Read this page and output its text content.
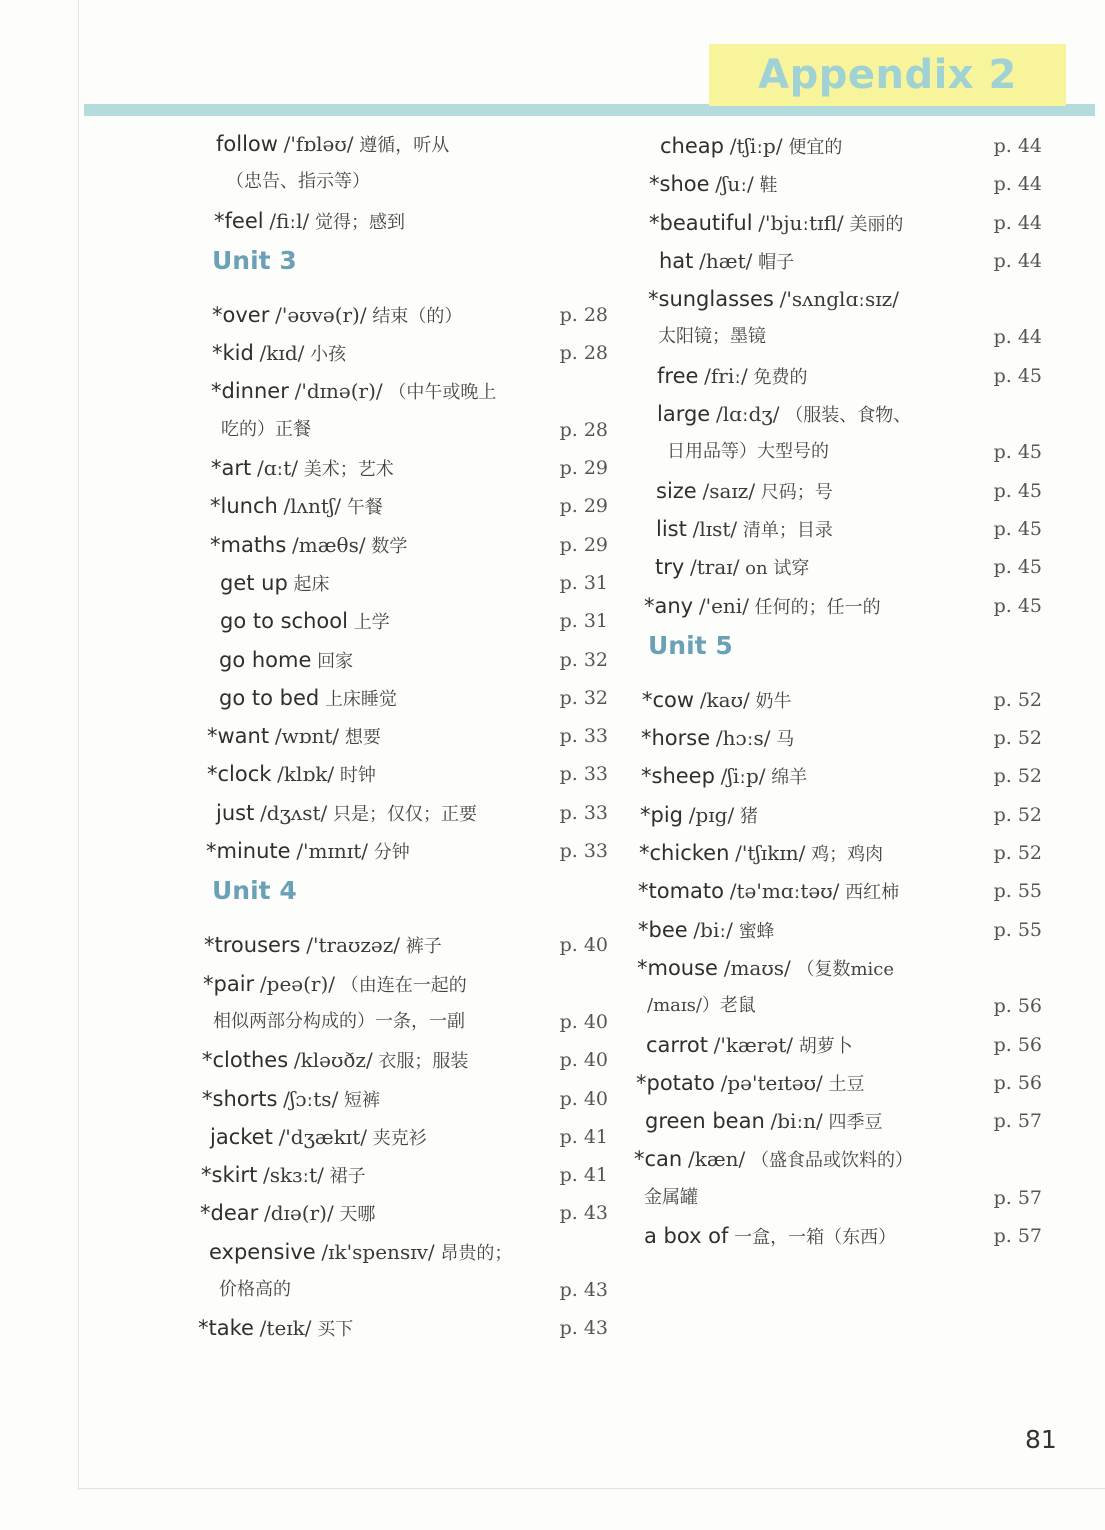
Appendix 2
follow /'fɒləʊ/ 遵循，听从
（忠告、指示等）
*feel /fiːl/ 觉得；感到
Unit 3
*over /'əʊvə(r)/ 结束（的）	p. 28
*kid /kɪd/ 小孩	p. 28
*dinner /'dɪnə(r)/ （中午或晚上
吃的）正餐	p. 28
*art /ɑːt/ 美术；艺术	p. 29
*lunch /lʌntʃ/ 午餐	p. 29
*maths /mæθs/ 数学	p. 29
get up 起床	p. 31
go to school 上学	p. 31
go home 回家	p. 32
go to bed 上床睡觉	p. 32
*want /wɒnt/ 想要	p. 33
*clock /klɒk/ 时钟	p. 33
just /dʒʌst/ 只是；仅仅；正要	p. 33
*minute /'mɪnɪt/ 分钟	p. 33
Unit 4
*trousers /'traʊzəz/ 裤子	p. 40
*pair /peə(r)/ （由连在一起的
相似两部分构成的）一条，一副	p. 40
*clothes /kləʊðz/ 衣服；服装	p. 40
*shorts /ʃɔːts/ 短裤	p. 40
jacket /'dʒækɪt/ 夹克衫	p. 41
*skirt /skɜːt/ 裙子	p. 41
*dear /dɪə(r)/ 天哪	p. 43
expensive /ɪk'spensɪv/ 昂贵的；
价格高的	p. 43
*take /teɪk/ 买下	p. 43
cheap /tʃiːp/ 便宜的	p. 44
*shoe /ʃuː/ 鞋	p. 44
*beautiful /'bjuːtɪfl/ 美丽的	p. 44
hat /hæt/ 帽子	p. 44
*sunglasses /'sʌnglɑːsɪz/
太阳镜；墨镜	p. 44
free /friː/ 免费的	p. 45
large /lɑːdʒ/ （服装、食物、
日用品等）大型号的	p. 45
size /saɪz/ 尺码；号	p. 45
list /lɪst/ 清单；目录	p. 45
try /traɪ/ on 试穿	p. 45
*any /'eni/ 任何的；任一的	p. 45
Unit 5
*cow /kaʊ/ 奶牛	p. 52
*horse /hɔːs/ 马	p. 52
*sheep /ʃiːp/ 绵羊	p. 52
*pig /pɪg/ 猪	p. 52
*chicken /'tʃɪkɪn/ 鸡；鸡肉	p. 52
*tomato /tə'mɑːtəʊ/ 西红柿	p. 55
*bee /biː/ 蜜蜂	p. 55
*mouse /maʊs/ （复数mice
/maɪs/）老鼠	p. 56
carrot /'kærət/ 胡萝卜	p. 56
*potato /pə'teɪtəʊ/ 土豆	p. 56
green bean /biːn/ 四季豆	p. 57
*can /kæn/ （盛食品或饮料的）
金属罐	p. 57
a box of 一盒，一箱（东西）	p. 57
81
